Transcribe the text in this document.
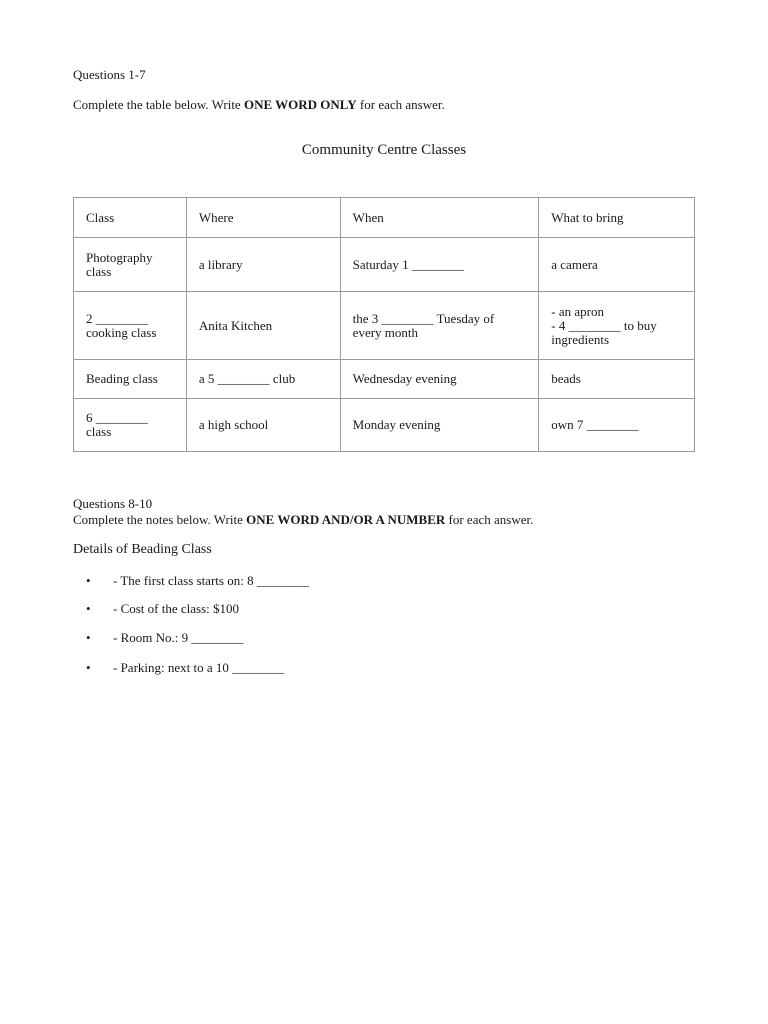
Questions 1-7
Complete the table below. Write ONE WORD ONLY for each answer.
Community Centre Classes
Class	Where	When	What to bring
Photography class	a library	Saturday 1 ________	a camera
2 ________ cooking class	Anita Kitchen	the 3 ________ Tuesday of every month	- an apron
- 4 ________ to buy ingredients
Beading class	a 5 ________ club	Wednesday evening	beads
6 ________ class	a high school	Monday evening	own 7 ________
Questions 8-10
Complete the notes below. Write ONE WORD AND/OR A NUMBER for each answer.
Details of Beading Class
• - The first class starts on: 8 ________
• - Cost of the class: $100
• - Room No.: 9 ________
• - Parking: next to a 10 ________
